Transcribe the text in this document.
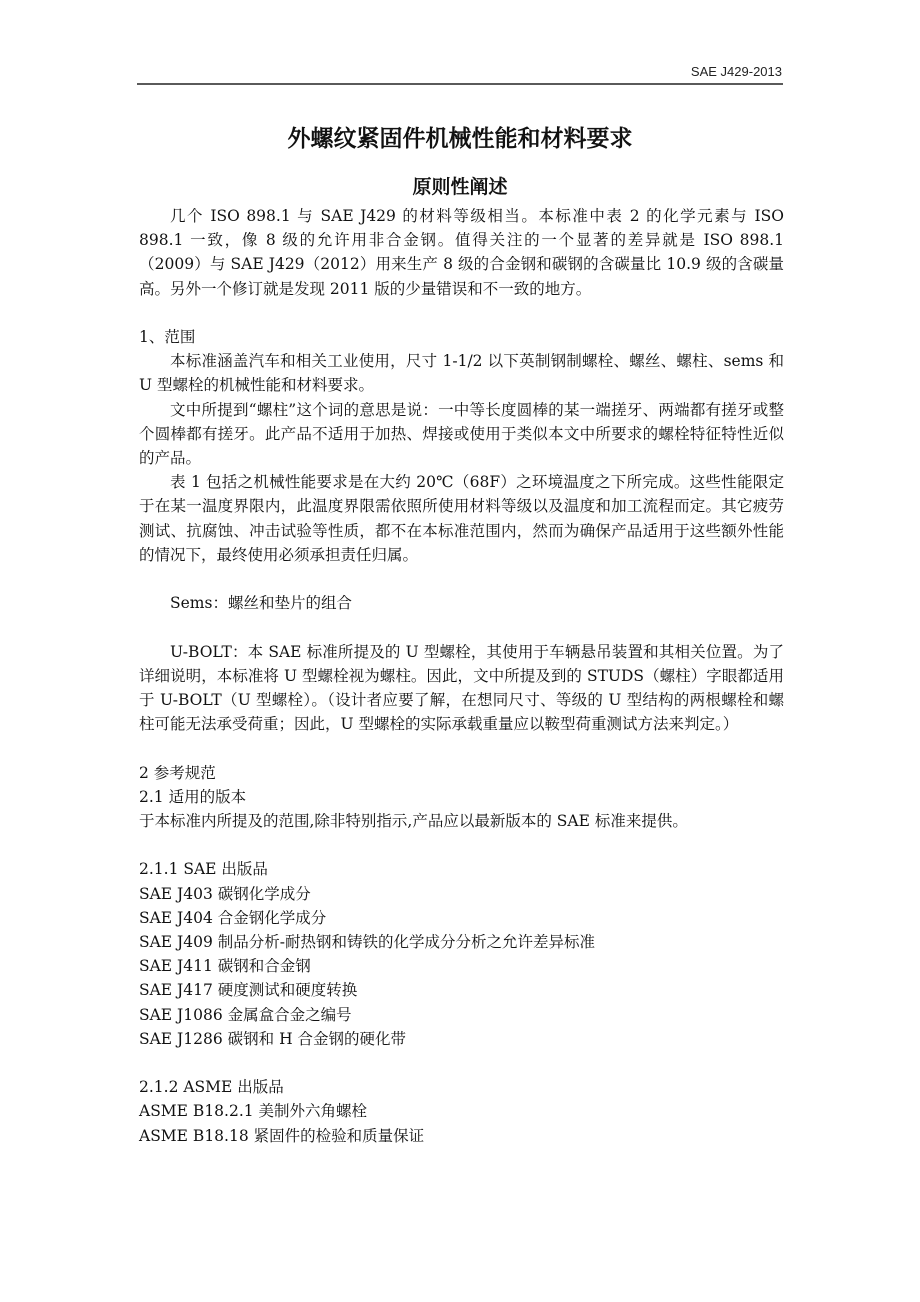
SAE J429-2013
外螺纹紧固件机械性能和材料要求
原则性阐述

几个 ISO 898.1 与 SAE J429 的材料等级相当。本标准中表 2 的化学元素与 ISO 898.1 一致，像 8 级的允许用非合金钢。值得关注的一个显著的差异就是 ISO 898.1（2009）与 SAE J429（2012）用来生产 8 级的合金钢和碳钢的含碳量比 10.9 级的含碳量高。另外一个修订就是发现 2011 版的少量错误和不一致的地方。

1、范围

本标准涵盖汽车和相关工业使用，尺寸 1-1/2 以下英制钢制螺栓、螺丝、螺柱、sems 和 U 型螺栓的机械性能和材料要求。

文中所提到“螺柱”这个词的意思是说：一中等长度圆棒的某一端搓牙、两端都有搓牙或整个圆棒都有搓牙。此产品不适用于加热、焊接或使用于类似本文中所要求的螺栓特征特性近似的产品。

表 1 包括之机械性能要求是在大约 20℃（68F）之环境温度之下所完成。这些性能限定于在某一温度界限内，此温度界限需依照所使用材料等级以及温度和加工流程而定。其它疲劳测试、抗腐蚀、冲击试验等性质，都不在本标准范围内，然而为确保产品适用于这些额外性能的情况下，最终使用必须承担责任归属。

Sems：螺丝和垫片的组合

U-BOLT：本 SAE 标准所提及的 U 型螺栓，其使用于车辆悬吊装置和其相关位置。为了详细说明，本标准将 U 型螺栓视为螺柱。因此，文中所提及到的 STUDS（螺柱）字眼都适用于 U-BOLT（U 型螺栓）。（设计者应要了解，在想同尺寸、等级的 U 型结构的两根螺栓和螺柱可能无法承受荷重；因此，U 型螺栓的实际承载重量应以鞍型荷重测试方法来判定。）

2 参考规范

2.1 适用的版本

于本标准内所提及的范围,除非特别指示,产品应以最新版本的 SAE 标准来提供。

2.1.1 SAE 出版品

SAE J403 碳钢化学成分

SAE J404 合金钢化学成分

SAE J409 制品分析-耐热钢和铸铁的化学成分分析之允许差异标准

SAE J411 碳钢和合金钢

SAE J417 硬度测试和硬度转换

SAE J1086 金属盒合金之编号

SAE J1286 碳钢和 H 合金钢的硬化带

2.1.2 ASME 出版品

ASME B18.2.1 美制外六角螺栓

ASME B18.18 紧固件的检验和质量保证
